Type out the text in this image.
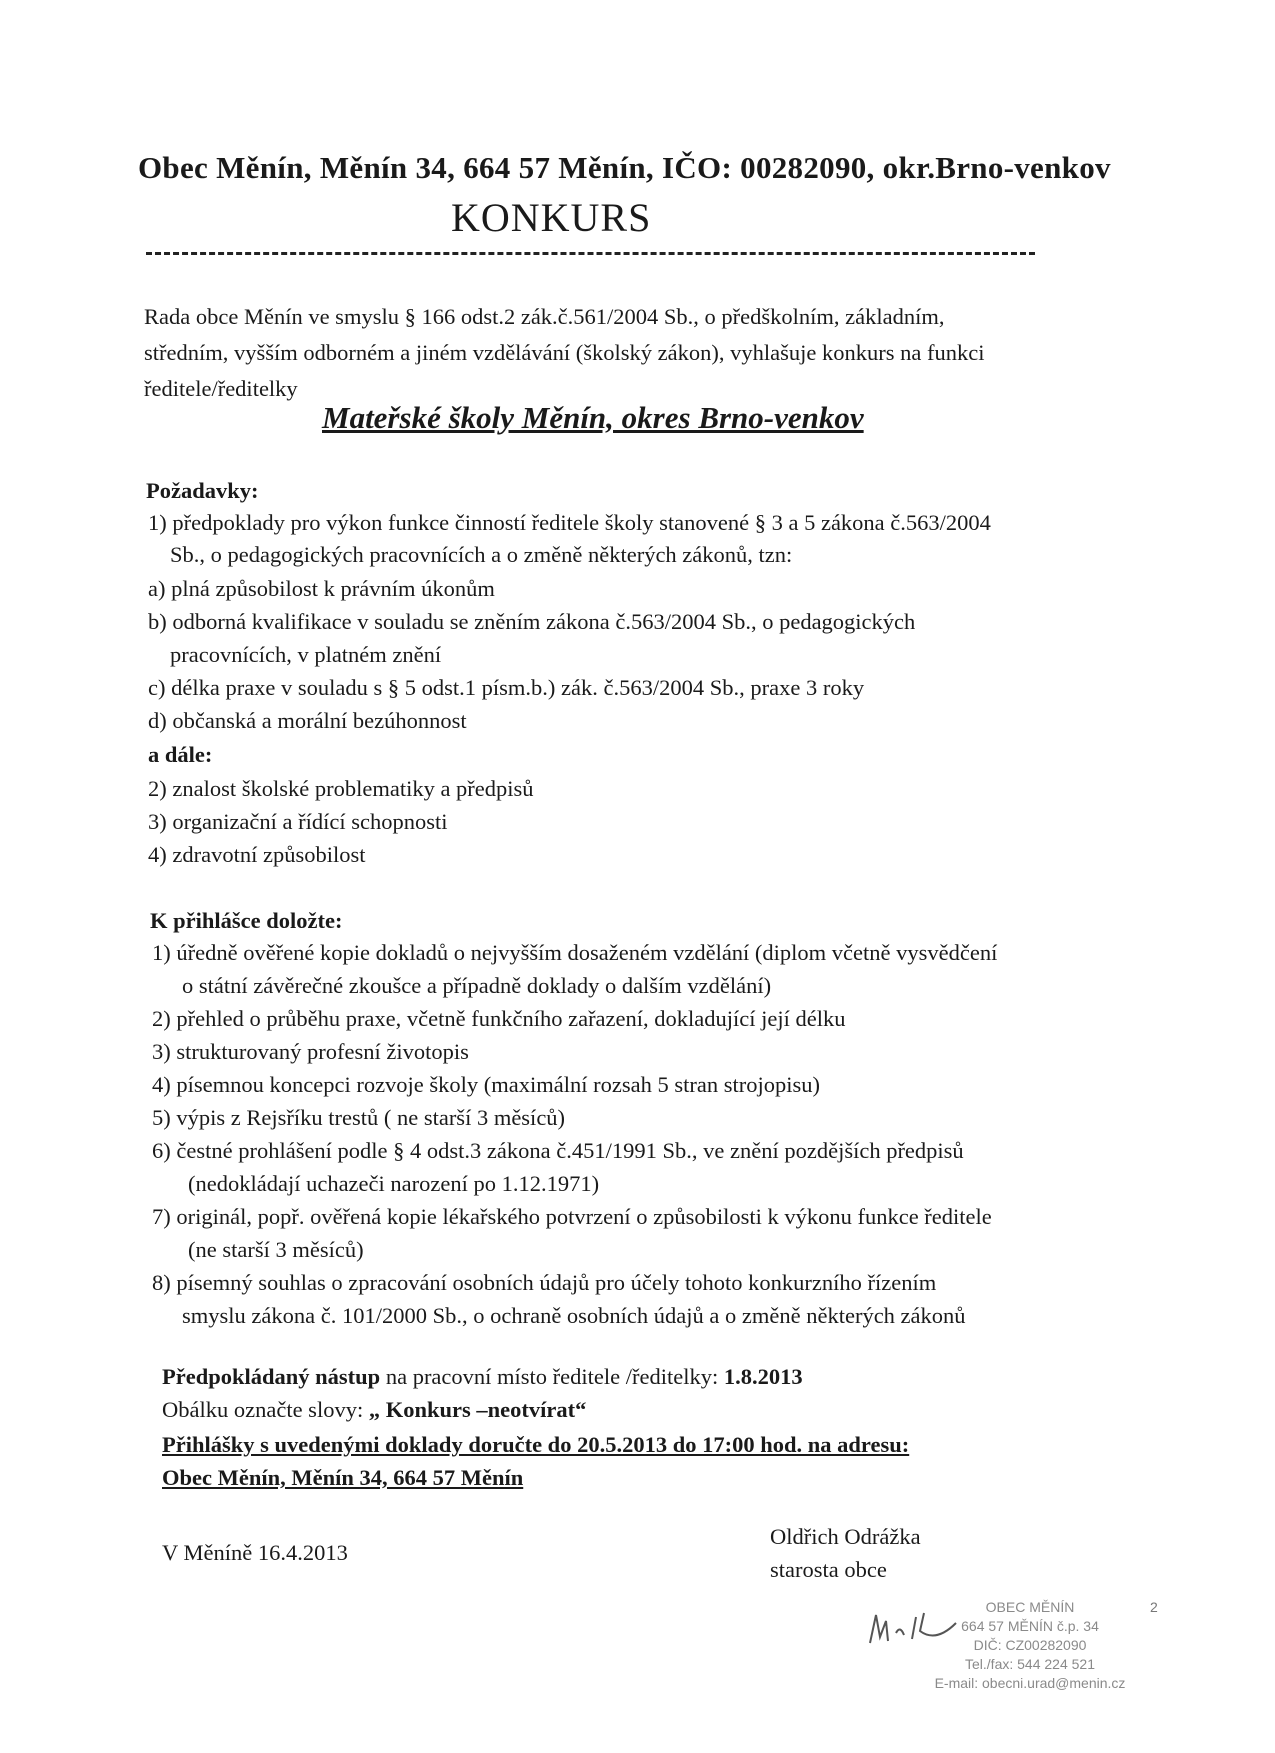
Obec Měnín, Měnín 34, 664 57 Měnín, IČO: 00282090, okr.Brno-venkov
KONKURS
Rada obce Měnín ve smyslu § 166 odst.2 zák.č.561/2004 Sb., o předškolním, základním,
středním, vyšším odborném a jiném vzdělávání (školský zákon), vyhlašuje konkurs na funkci
ředitele/ředitelky
Mateřské školy Měnín, okres Brno-venkov
Požadavky:
1) předpoklady pro výkon funkce činností ředitele školy stanovené § 3 a 5 zákona č.563/2004
Sb., o pedagogických pracovnících a o změně některých zákonů, tzn:
a) plná způsobilost k právním úkonům
b) odborná kvalifikace v souladu se zněním zákona č.563/2004 Sb., o pedagogických
pracovnících, v platném znění
c) délka praxe v souladu s § 5 odst.1 písm.b.) zák. č.563/2004 Sb., praxe 3 roky
d) občanská a morální bezúhonnost
a dále:
2) znalost školské problematiky a předpisů
3) organizační a řídící schopnosti
4) zdravotní způsobilost
K přihlášce doložte:
1) úředně ověřené kopie dokladů o nejvyšším dosaženém vzdělání (diplom včetně vysvědčení
o státní závěrečné zkoušce a případně doklady o dalším vzdělání)
2) přehled o průběhu praxe, včetně funkčního zařazení, dokladující její délku
3) strukturovaný profesní životopis
4) písemnou koncepci rozvoje školy (maximální rozsah 5 stran strojopisu)
5) výpis z Rejsříku trestů ( ne starší 3 měsíců)
6) čestné prohlášení podle § 4 odst.3 zákona č.451/1991 Sb., ve znění pozdějších předpisů
(nedokládají uchazeči narození po 1.12.1971)
7) originál, popř. ověřená kopie lékařského potvrzení o způsobilosti k výkonu funkce ředitele
(ne starší 3 měsíců)
8) písemný souhlas o zpracování osobních údajů pro účely tohoto konkurzního řízením
smyslu zákona č. 101/2000 Sb., o ochraně osobních údajů a o změně některých zákonů
Předpokládaný nástup na pracovní místo ředitele /ředitelky: 1.8.2013
Obálku označte slovy: „ Konkurs –neotvírat“
Přihlášky s uvedenými doklady doručte do 20.5.2013 do 17:00 hod. na adresu:
Obec Měnín, Měnín 34, 664 57 Měnín
V Měníně 16.4.2013
Oldřich Odrážka
starosta obce
OBEC MĚNÍN
664 57 MĚNÍN č.p. 34
DIČ: CZ00282090
Tel./fax: 544 224 521
E-mail: obecni.urad@menin.cz
2
